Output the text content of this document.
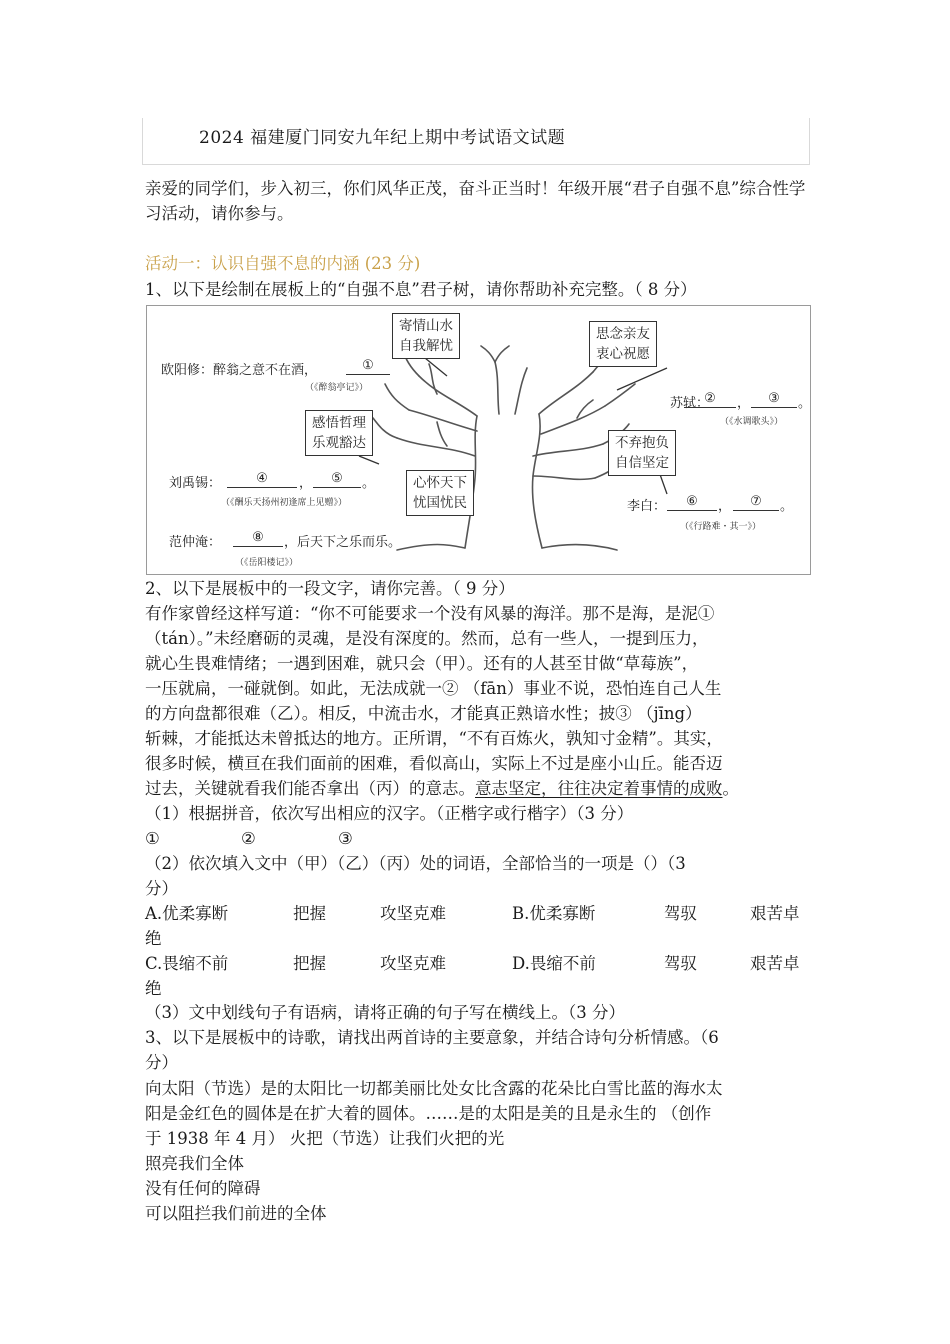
2024 福建厦门同安九年纪上期中考试语文试题
亲爱的同学们，步入初三，你们风华正茂，奋斗正当时！年级开展“君子自强不息”综合性学习活动，请你参与。
活动一：认识自强不息的内涵 (23 分)
1、以下是绘制在展板上的“自强不息”君子树，请你帮助补充完整。（ 8 分）
寄情山水
自我解忧
思念亲友
衷心祝愿
感悟哲理
乐观豁达
心怀天下
忧国忧民
不弃抱负
自信坚定
欧阳修：醉翁之意不在酒，	①
（《醉翁亭记》）
苏轼：
②	，	③	。
（《水调歌头》）
刘禹锡：	④	，	⑤	。
（《酬乐天扬州初逢席上见赠》）	李白：	⑥	，	⑦	。
（《行路难・其一》）
范仲淹：	⑧	，后天下之乐而乐。
（《岳阳楼记》）
2、以下是展板中的一段文字，请你完善。（ 9 分）
有作家曾经这样写道：“你不可能要求一个没有风暴的海洋。那不是海，是泥①
（tán）。”未经磨砺的灵魂，是没有深度的。然而，总有一些人，一提到压力，
就心生畏难情绪；一遇到困难，就只会（甲）。还有的人甚至甘做“草莓族”，
一压就扁，一碰就倒。如此，无法成就一② （fān）事业不说，恐怕连自己人生
的方向盘都很难（乙）。相反，中流击水，才能真正熟谙水性；披③ （jīng）
斩棘，才能抵达未曾抵达的地方。正所谓，“不有百炼火，孰知寸金精”。其实，
很多时候，横亘在我们面前的困难，看似高山，实际上不过是座小山丘。能否迈
过去，关键就看我们能否拿出（丙）的意志。意志坚定，往往决定着事情的成败。
（1）根据拼音，依次写出相应的汉字。（正楷字或行楷字）（3 分）
①	②	③
（2）依次填入文中（甲）（乙）（丙）处的词语，全部恰当的一项是（）（3
分）
A.优柔寡断	把握	攻坚克难	B.优柔寡断	驾驭	艰苦卓
绝
C.畏缩不前	把握	攻坚克难	D.畏缩不前	驾驭	艰苦卓
绝
（3）文中划线句子有语病，请将正确的句子写在横线上。（3 分）
3、以下是展板中的诗歌，请找出两首诗的主要意象，并结合诗句分析情感。（6
分）
向太阳（节选）是的太阳比一切都美丽比处女比含露的花朵比白雪比蓝的海水太
阳是金红色的圆体是在扩大着的圆体。……是的太阳是美的且是永生的 （创作
于 1938 年 4 月） 火把（节选）让我们火把的光
照亮我们全体
没有任何的障碍
可以阻拦我们前进的全体
